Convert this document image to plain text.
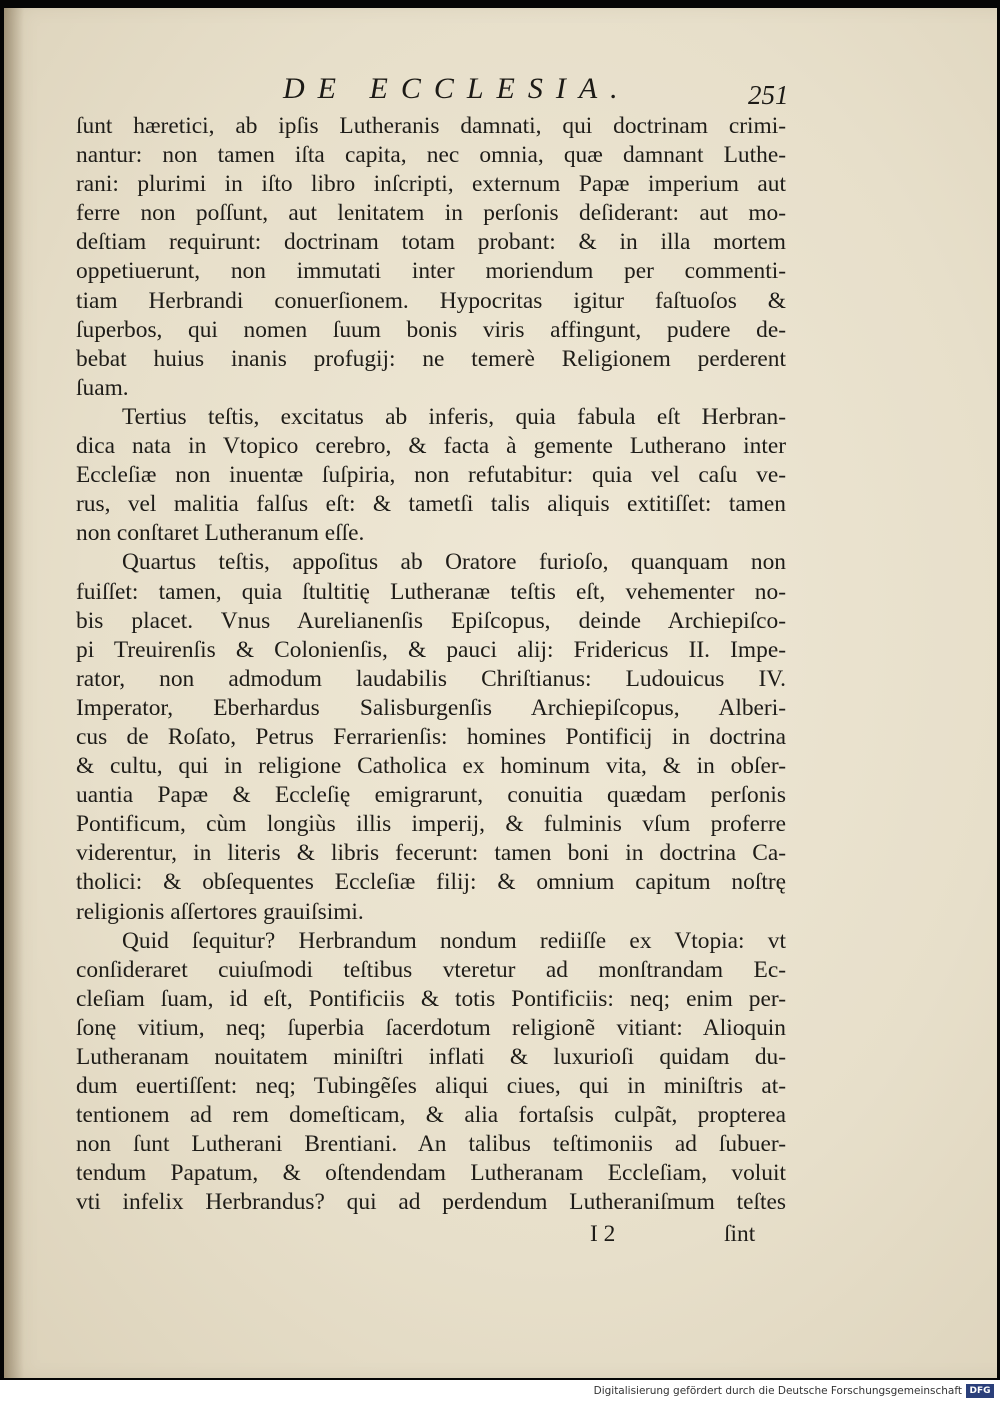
DE ECCLESIA.	251
ſunt hæretici, ab ipſis Lutheranis damnati, qui doctrinam crimi-
nantur: non tamen iſta capita, nec omnia, quæ damnant Luthe-
rani: plurimi in iſto libro inſcripti, externum Papæ imperium aut
ferre non poſſunt, aut lenitatem in perſonis deſiderant: aut mo-
deſtiam requirunt: doctrinam totam probant: & in illa mortem
oppetiuerunt, non immutati inter moriendum per commenti-
tiam Herbrandi conuerſionem. Hypocritas igitur faſtuoſos &
ſuperbos, qui nomen ſuum bonis viris affingunt, pudere de-
bebat huius inanis profugij: ne temerè Religionem perderent
ſuam.
Tertius teſtis, excitatus ab inferis, quia fabula eſt Herbran-
dica nata in Vtopico cerebro, & facta à gemente Lutherano inter
Eccleſiæ non inuentæ ſuſpiria, non refutabitur: quia vel caſu ve-
rus, vel malitia falſus eſt: & tametſi talis aliquis extitiſſet: tamen
non conſtaret Lutheranum eſſe.
Quartus teſtis, appoſitus ab Oratore furioſo, quanquam non
fuiſſet: tamen, quia ſtultitię Lutheranæ teſtis eſt, vehementer no-
bis placet. Vnus Aurelianenſis Epiſcopus, deinde Archiepiſco-
pi Treuirenſis & Colonienſis, & pauci alij: Fridericus II. Impe-
rator, non admodum laudabilis Chriſtianus: Ludouicus IV.
Imperator, Eberhardus Salisburgenſis Archiepiſcopus, Alberi-
cus de Roſato, Petrus Ferrarienſis: homines Pontificij in doctrina
& cultu, qui in religione Catholica ex hominum vita, & in obſer-
uantia Papæ & Eccleſię emigrarunt, conuitia quædam perſonis
Pontificum, cùm longiùs illis imperij, & fulminis vſum proferre
viderentur, in literis & libris fecerunt: tamen boni in doctrina Ca-
tholici: & obſequentes Eccleſiæ filij: & omnium capitum noſtrę
religionis aſſertores grauiſsimi.
Quid ſequitur? Herbrandum nondum rediiſſe ex Vtopia: vt
conſideraret cuiuſmodi teſtibus vteretur ad monſtrandam Ec-
cleſiam ſuam, id eſt, Pontificiis & totis Pontificiis: neq; enim per-
ſonę vitium, neq; ſuperbia ſacerdotum religionẽ vitiant: Alioquin
Lutheranam nouitatem miniſtri inflati & luxurioſi quidam du-
dum euertiſſent: neq; Tubingẽſes aliqui ciues, qui in miniſtris at-
tentionem ad rem domeſticam, & alia fortaſsis culpãt, propterea
non ſunt Lutherani Brentiani. An talibus teſtimoniis ad ſubuer-
tendum Papatum, & oſtendendam Lutheranam Eccleſiam, voluit
vti infelix Herbrandus? qui ad perdendum Lutheraniſmum teſtes
I 2	ſint
Digitalisierung gefördert durch die Deutsche Forschungsgemeinschaft DFG
